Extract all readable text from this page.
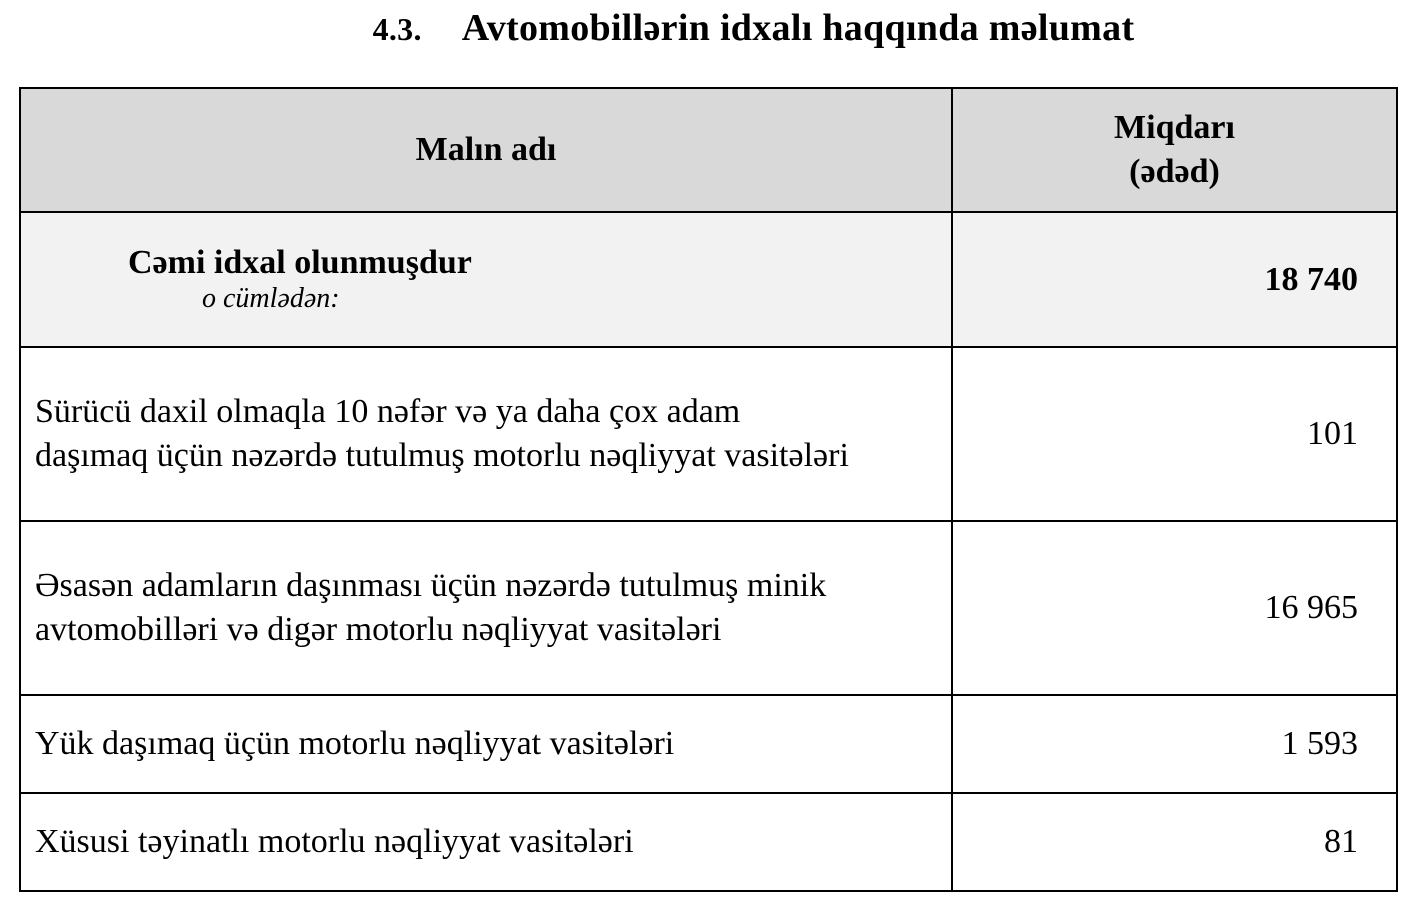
4.3. Avtomobillərin idxalı haqqında məlumat
Malın adı	Miqdarı
(ədəd)

Cəmi idxal olunmuşdur
o cümlədən:	18 740

Sürücü daxil olmaqla 10 nəfər və ya daha çox adam
daşımaq üçün nəzərdə tutulmuş motorlu nəqliyyat vasitələri	101

Əsasən adamların daşınması üçün nəzərdə tutulmuş minik
avtomobilləri və digər motorlu nəqliyyat vasitələri	16 965
Yük daşımaq üçün motorlu nəqliyyat vasitələri	1 593
Xüsusi təyinatlı motorlu nəqliyyat vasitələri	81
